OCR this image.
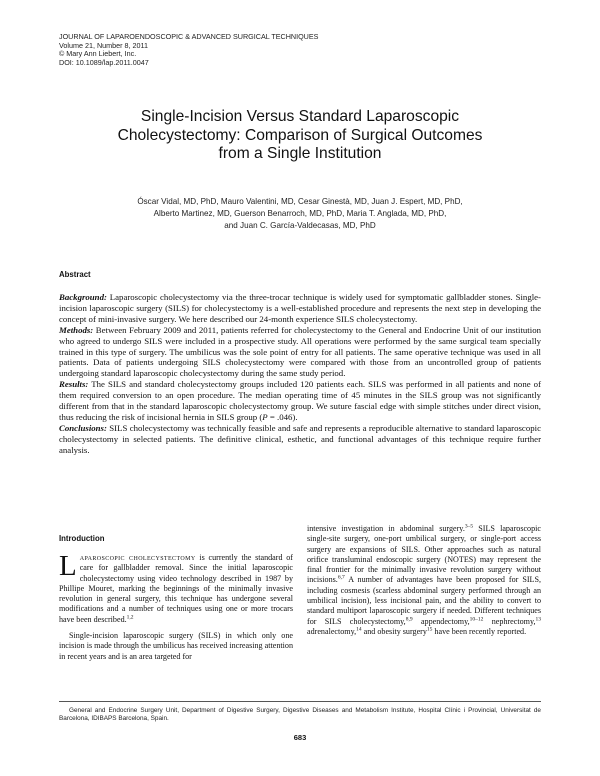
JOURNAL OF LAPAROENDOSCOPIC & ADVANCED SURGICAL TECHNIQUES
Volume 21, Number 8, 2011
© Mary Ann Liebert, Inc.
DOI: 10.1089/lap.2011.0047
Single-Incision Versus Standard Laparoscopic
Cholecystectomy: Comparison of Surgical Outcomes
from a Single Institution
Óscar Vidal, MD, PhD, Mauro Valentini, MD, Cesar Ginestà, MD, Juan J. Espert, MD, PhD,
Alberto Martinez, MD, Guerson Benarroch, MD, PhD, Maria T. Anglada, MD, PhD,
and Juan C. García-Valdecasas, MD, PhD
Abstract

Background: Laparoscopic cholecystectomy via the three-trocar technique is widely used for symptomatic gallbladder stones. Single-incision laparoscopic surgery (SILS) for cholecystectomy is a well-established procedure and represents the next step in developing the concept of mini-invasive surgery. We here described our 24-month experience SILS cholecystectomy.

Methods: Between February 2009 and 2011, patients referred for cholecystectomy to the General and Endocrine Unit of our institution who agreed to undergo SILS were included in a prospective study. All operations were performed by the same surgical team specially trained in this type of surgery. The umbilicus was the sole point of entry for all patients. The same operative technique was used in all patients. Data of patients undergoing SILS cholecystectomy were compared with those from an uncontrolled group of patients undergoing standard laparoscopic cholecystectomy during the same study period.

Results: The SILS and standard cholecystectomy groups included 120 patients each. SILS was performed in all patients and none of them required conversion to an open procedure. The median operating time of 45 minutes in the SILS group was not significantly different from that in the standard laparoscopic cholecystectomy group. We suture fascial edge with simple stitches under direct vision, thus reducing the risk of incisional hernia in SILS group (P = .046).

Conclusions: SILS cholecystectomy was technically feasible and safe and represents a reproducible alternative to standard laparoscopic cholecystectomy in selected patients. The definitive clinical, esthetic, and functional advantages of this technique require further analysis.

Introduction

Laparoscopic cholecystectomy is currently the standard of care for gallbladder removal. Since the initial laparoscopic cholecystectomy using video technology described in 1987 by Phillipe Mouret, marking the beginnings of the minimally invasive revolution in general surgery, this technique has undergone several modifications and a number of techniques using one or more trocars have been described.$^{1,2}$

Single-incision laparoscopic surgery (SILS) in which only one incision is made through the umbilicus has received increasing attention in recent years and is an area targeted for

intensive investigation in abdominal surgery.$^{3-5}$ SILS laparoscopic single-site surgery, one-port umbilical surgery, or single-port access surgery are expansions of SILS. Other approaches such as natural orifice transluminal endoscopic surgery (NOTES) may represent the final frontier for the minimally invasive revolution surgery without incisions.$^{6,7}$ A number of advantages have been proposed for SILS, including cosmesis (scarless abdominal surgery performed through an umbilical incision), less incisional pain, and the ability to convert to standard multiport laparoscopic surgery if needed. Different techniques for SILS cholecystectomy,$^{8,9}$ appendectomy,$^{10-12}$ nephrectomy,$^{13}$ adrenalectomy,$^{14}$ and obesity surgery$^{15}$ have been recently reported.

General and Endocrine Surgery Unit, Department of Digestive Surgery, Digestive Diseases and Metabolism Institute, Hospital Clínic i Provincial, Universitat de Barcelona, IDIBAPS Barcelona, Spain.
683
